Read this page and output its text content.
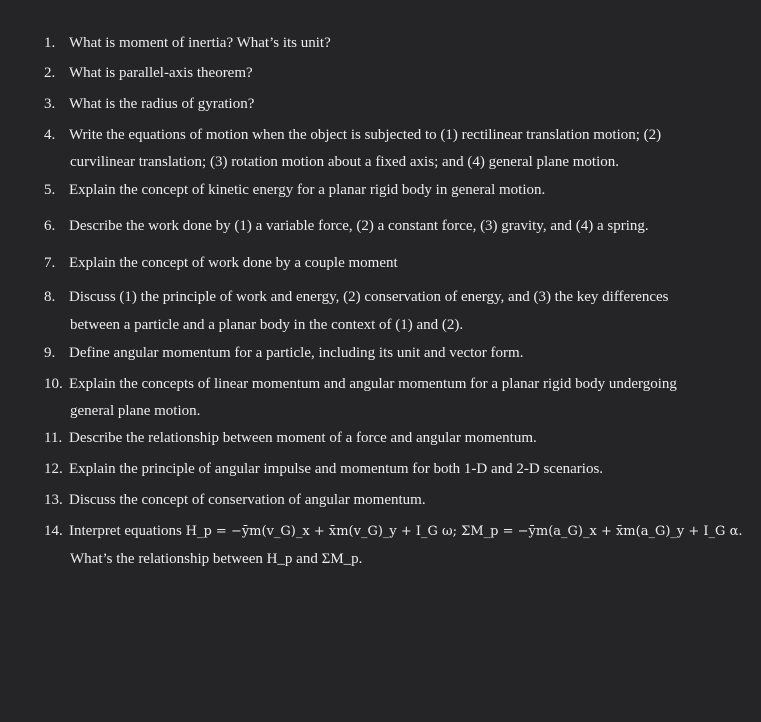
1. What is moment of inertia? What’s its unit?
2. What is parallel-axis theorem?
3. What is the radius of gyration?
4. Write the equations of motion when the object is subjected to (1) rectilinear translation motion; (2)
curvilinear translation; (3) rotation motion about a fixed axis; and (4) general plane motion.
5. Explain the concept of kinetic energy for a planar rigid body in general motion.
6. Describe the work done by (1) a variable force, (2) a constant force, (3) gravity, and (4) a spring.
7. Explain the concept of work done by a couple moment
8. Discuss (1) the principle of work and energy, (2) conservation of energy, and (3) the key differences
between a particle and a planar body in the context of (1) and (2).
9. Define angular momentum for a particle, including its unit and vector form.
10. Explain the concepts of linear momentum and angular momentum for a planar rigid body undergoing
general plane motion.
11. Describe the relationship between moment of a force and angular momentum.
12. Explain the principle of angular impulse and momentum for both 1-D and 2-D scenarios.
13. Discuss the concept of conservation of angular momentum.
14. Interpret equations H_p = −ȳm(v_G)_x + x̄m(v_G)_y + I_G ω; ΣM_p = −ȳm(a_G)_x + x̄m(a_G)_y + I_G α.
What’s the relationship between H_p and ΣM_p.
